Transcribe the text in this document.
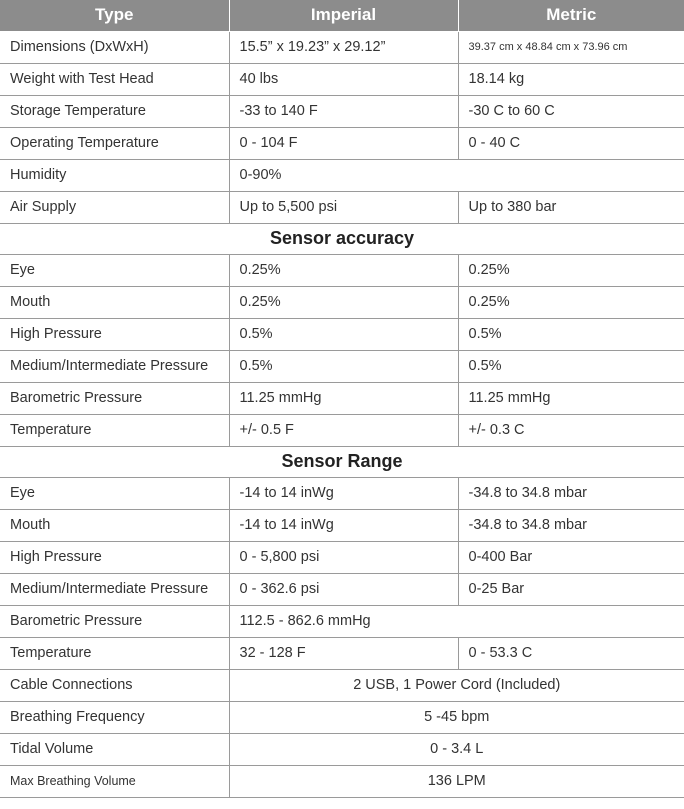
Type	Imperial	Metric
Dimensions (DxWxH)	15.5” x 19.23” x 29.12”	39.37 cm x 48.84 cm x 73.96 cm
Weight with Test Head	40 lbs	18.14 kg
Storage Temperature	-33 to 140 F	-30 C to 60 C
Operating Temperature	0 - 104 F	0 - 40 C
Humidity	0-90%	
Air Supply	Up to 5,500 psi	Up to 380 bar
Sensor accuracy		
Eye	0.25%	0.25%
Mouth	0.25%	0.25%
High Pressure	0.5%	0.5%
Medium/Intermediate Pressure	0.5%	0.5%
Barometric Pressure	11.25 mmHg	11.25 mmHg
Temperature	+/- 0.5 F	+/- 0.3 C
Sensor Range		
Eye	-14 to 14 inWg	-34.8 to 34.8 mbar
Mouth	-14 to 14 inWg	-34.8 to 34.8 mbar
High Pressure	0 - 5,800 psi	0-400 Bar
Medium/Intermediate Pressure	0 - 362.6 psi	0-25 Bar
Barometric Pressure	112.5 - 862.6 mmHg	
Temperature	32 - 128 F	0 - 53.3 C
Cable Connections	2 USB, 1 Power Cord (Included)	
Breathing Frequency	5 -45 bpm	
Tidal Volume	0 - 3.4 L	
Max Breathing Volume	136 LPM	
